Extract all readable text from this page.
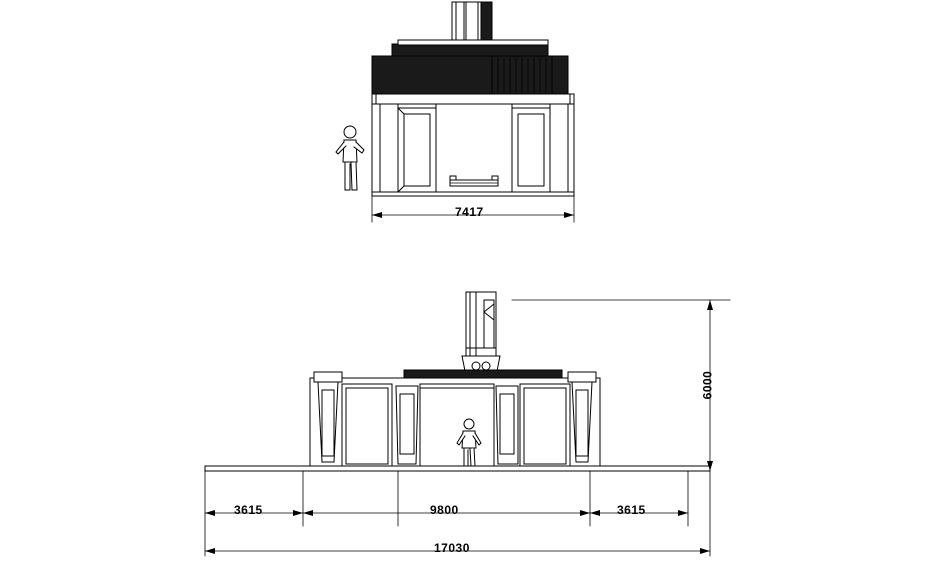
7417
3615	9800	3615
17030
6000
